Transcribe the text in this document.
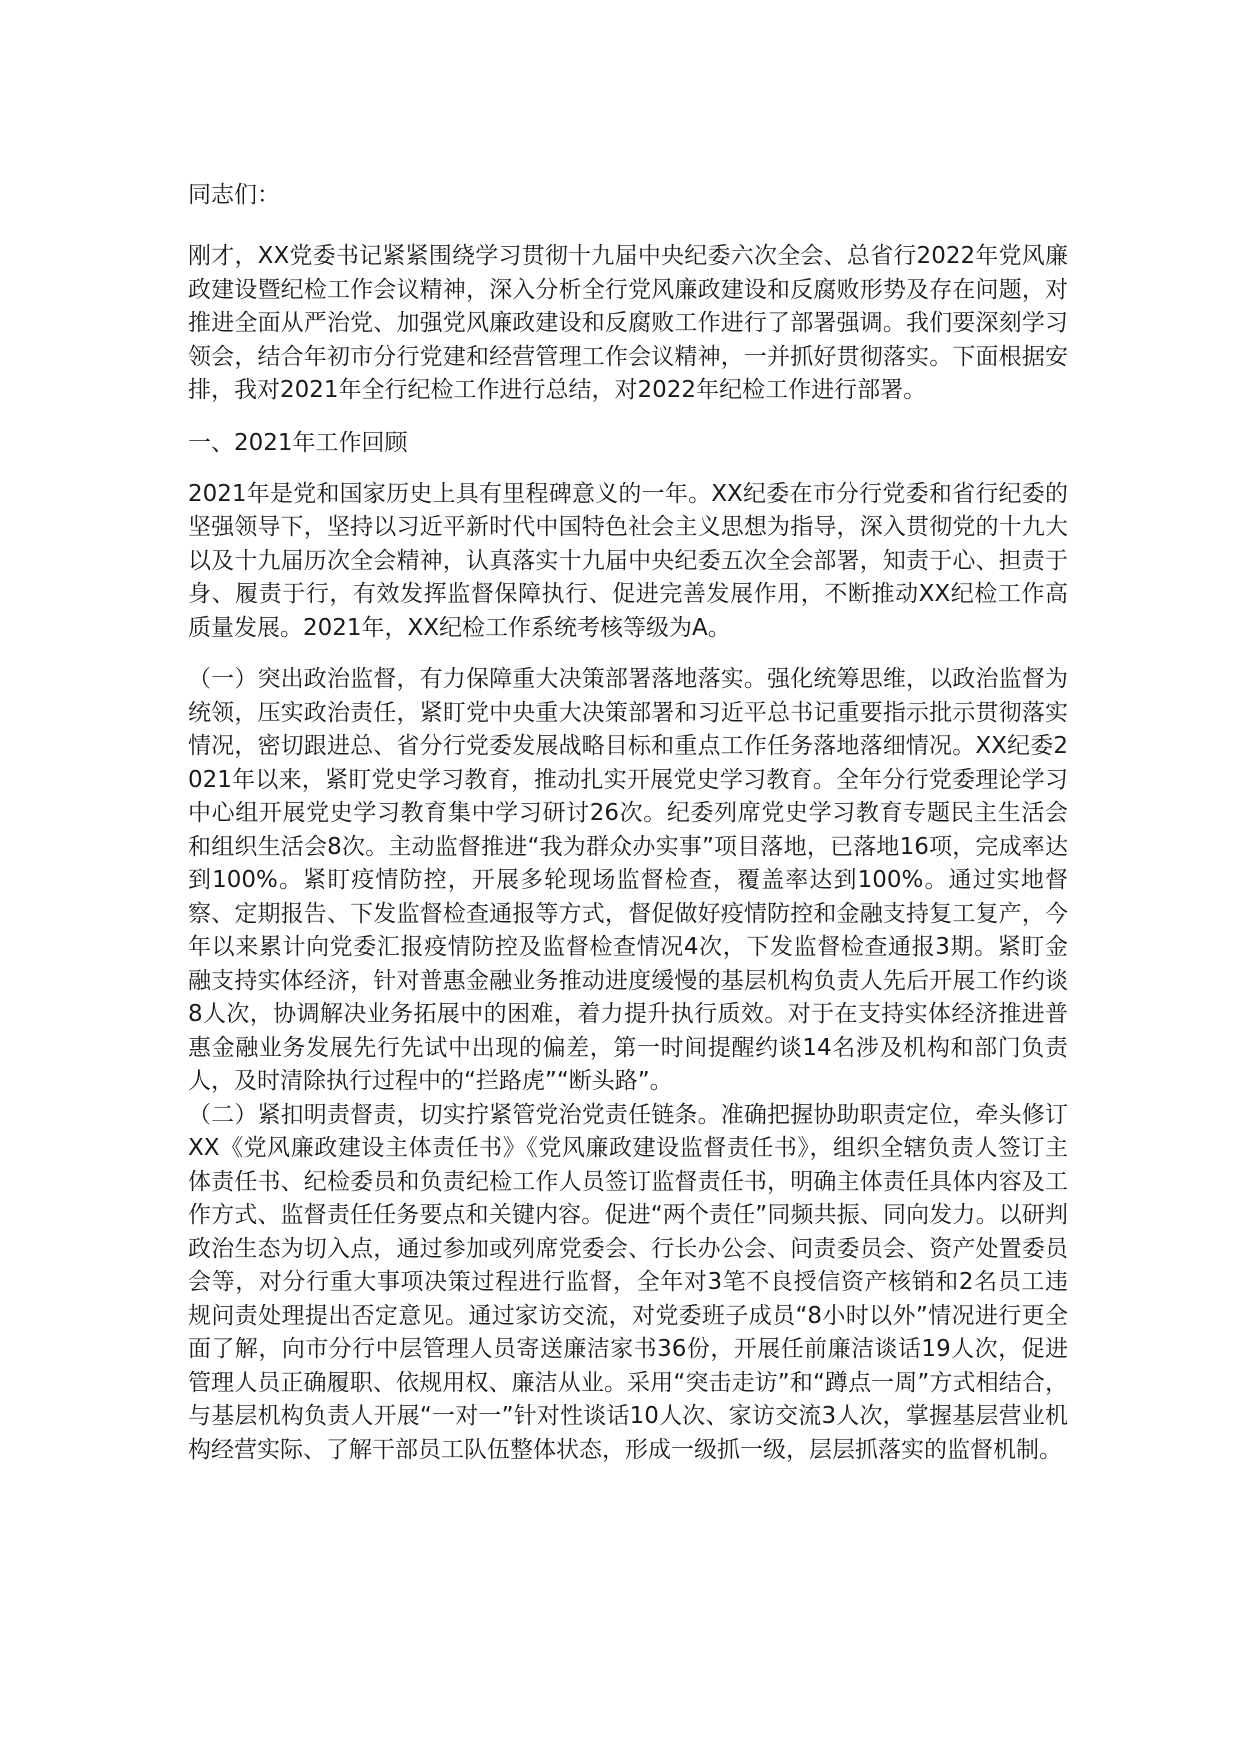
同志们：

刚才，XX党委书记紧紧围绕学习贯彻十九届中央纪委六次全会、总省行2022年党风廉政建设暨纪检工作会议精神，深入分析全行党风廉政建设和反腐败形势及存在问题，对推进全面从严治党、加强党风廉政建设和反腐败工作进行了部署强调。我们要深刻学习领会，结合年初市分行党建和经营管理工作会议精神，一并抓好贯彻落实。下面根据安排，我对2021年全行纪检工作进行总结，对2022年纪检工作进行部署。

一、2021年工作回顾

2021年是党和国家历史上具有里程碑意义的一年。XX纪委在市分行党委和省行纪委的坚强领导下，坚持以习近平新时代中国特色社会主义思想为指导，深入贯彻党的十九大以及十九届历次全会精神，认真落实十九届中央纪委五次全会部署，知责于心、担责于身、履责于行，有效发挥监督保障执行、促进完善发展作用，不断推动XX纪检工作高质量发展。2021年，XX纪检工作系统考核等级为A。

（一）突出政治监督，有力保障重大决策部署落地落实。强化统筹思维，以政治监督为统领，压实政治责任，紧盯党中央重大决策部署和习近平总书记重要指示批示贯彻落实情况，密切跟进总、省分行党委发展战略目标和重点工作任务落地落细情况。XX纪委2021年以来，紧盯党史学习教育，推动扎实开展党史学习教育。全年分行党委理论学习中心组开展党史学习教育集中学习研讨26次。纪委列席党史学习教育专题民主生活会和组织生活会8次。主动监督推进“我为群众办实事”项目落地，已落地16项，完成率达到100%。紧盯疫情防控，开展多轮现场监督检查，覆盖率达到100%。通过实地督察、定期报告、下发监督检查通报等方式，督促做好疫情防控和金融支持复工复产，今年以来累计向党委汇报疫情防控及监督检查情况4次，下发监督检查通报3期。紧盯金融支持实体经济，针对普惠金融业务推动进度缓慢的基层机构负责人先后开展工作约谈8人次，协调解决业务拓展中的困难，着力提升执行质效。对于在支持实体经济推进普惠金融业务发展先行先试中出现的偏差，第一时间提醒约谈14名涉及机构和部门负责人，及时清除执行过程中的“拦路虎”“断头路”。

（二）紧扣明责督责，切实拧紧管党治党责任链条。准确把握协助职责定位，牵头修订XX《党风廉政建设主体责任书》《党风廉政建设监督责任书》，组织全辖负责人签订主体责任书、纪检委员和负责纪检工作人员签订监督责任书，明确主体责任具体内容及工作方式、监督责任任务要点和关键内容。促进“两个责任”同频共振、同向发力。以研判政治生态为切入点，通过参加或列席党委会、行长办公会、问责委员会、资产处置委员会等，对分行重大事项决策过程进行监督，全年对3笔不良授信资产核销和2名员工违规问责处理提出否定意见。通过家访交流，对党委班子成员“8小时以外”情况进行更全面了解，向市分行中层管理人员寄送廉洁家书36份，开展任前廉洁谈话19人次，促进管理人员正确履职、依规用权、廉洁从业。采用“突击走访”和“蹲点一周”方式相结合，与基层机构负责人开展“一对一”针对性谈话10人次、家访交流3人次，掌握基层营业机构经营实际、了解干部员工队伍整体状态，形成一级抓一级，层层抓落实的监督机制。
